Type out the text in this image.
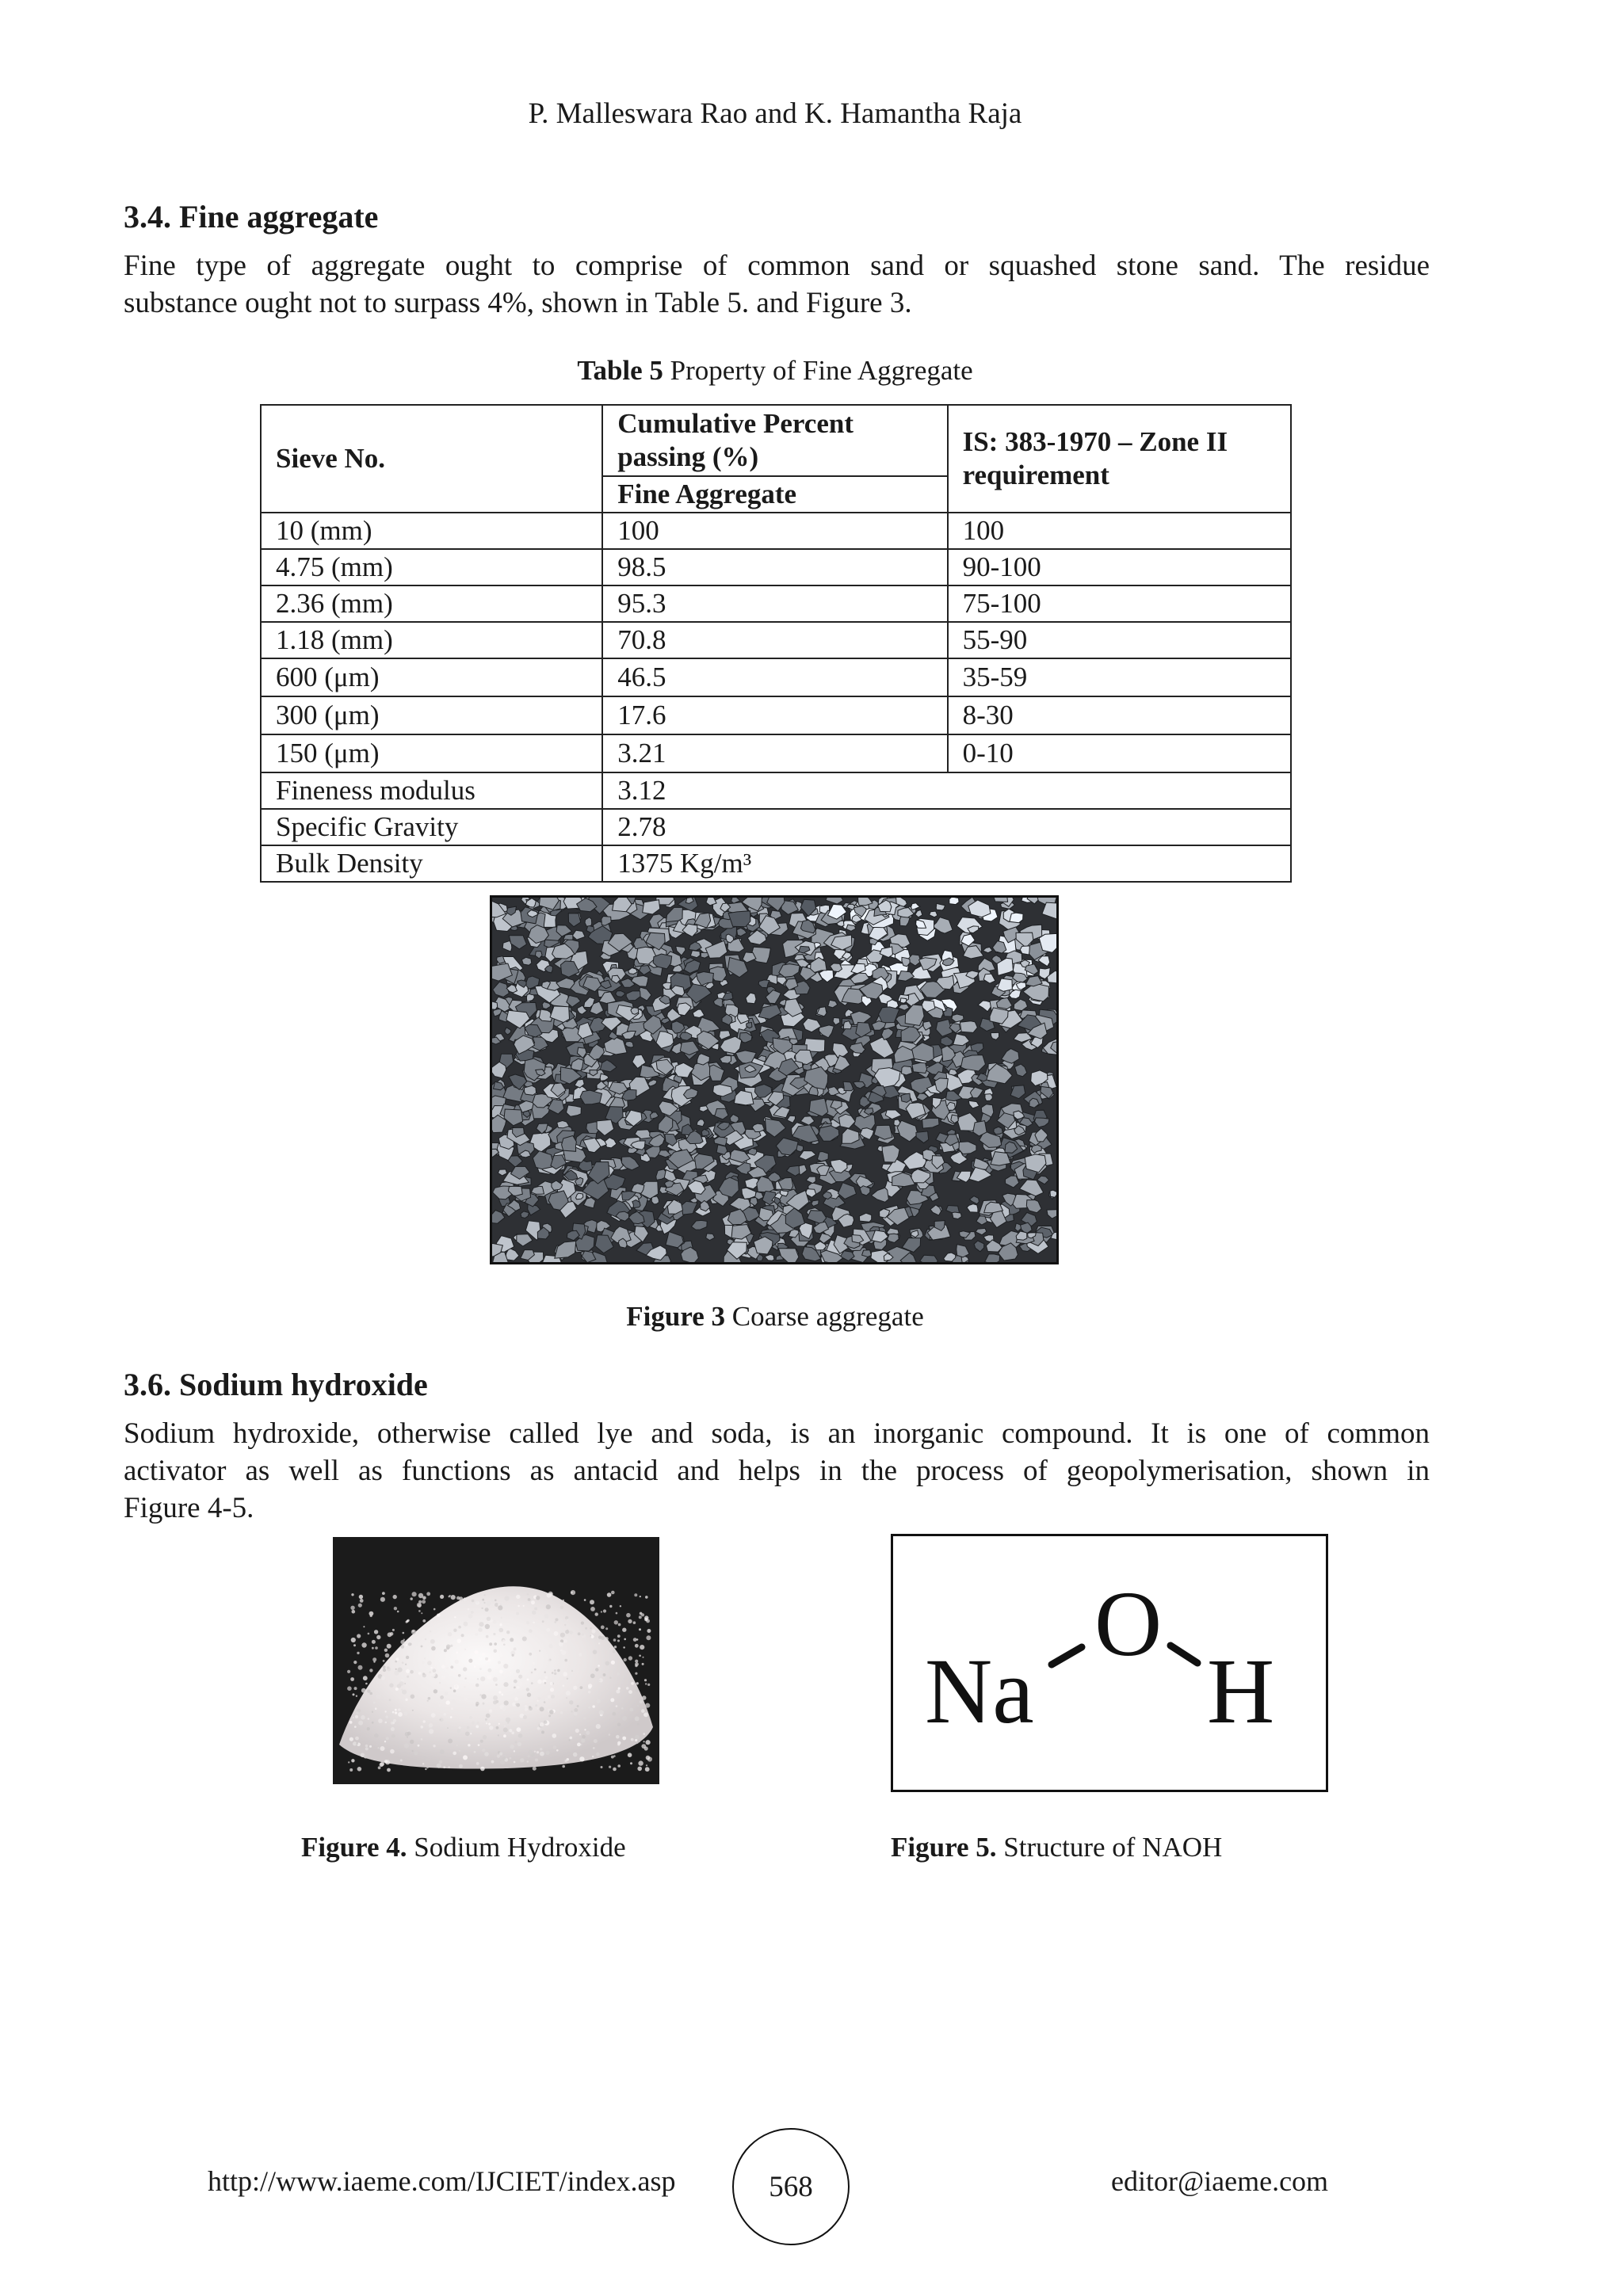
P. Malleswara Rao and K. Hamantha Raja
3.4. Fine aggregate
Fine type of aggregate ought to comprise of common sand or squashed stone sand. The residue
substance ought not to surpass 4%, shown in Table 5. and Figure 3.
Table 5 Property of Fine Aggregate
Sieve No.	Cumulative Percent passing (%)	IS: 383-1970 – Zone II requirement
	Fine Aggregate	
10 (mm)	100	100
4.75 (mm)	98.5	90-100
2.36 (mm)	95.3	75-100
1.18 (mm)	70.8	55-90
600 (μm)	46.5	35-59
300 (μm)	17.6	8-30
150 (μm)	3.21	0-10
Fineness modulus	3.12	
Specific Gravity	2.78	
Bulk Density	1375 Kg/m³	
Figure 3 Coarse aggregate
3.6. Sodium hydroxide
Sodium hydroxide, otherwise called lye and soda, is an inorganic compound. It is one of common
activator as well as functions as antacid and helps in the process of geopolymerisation, shown in
Figure 4-5.
Na
O
H
Figure 4. Sodium Hydroxide	Figure 5. Structure of NAOH
http://www.iaeme.com/IJCIET/index.asp	568	editor@iaeme.com
